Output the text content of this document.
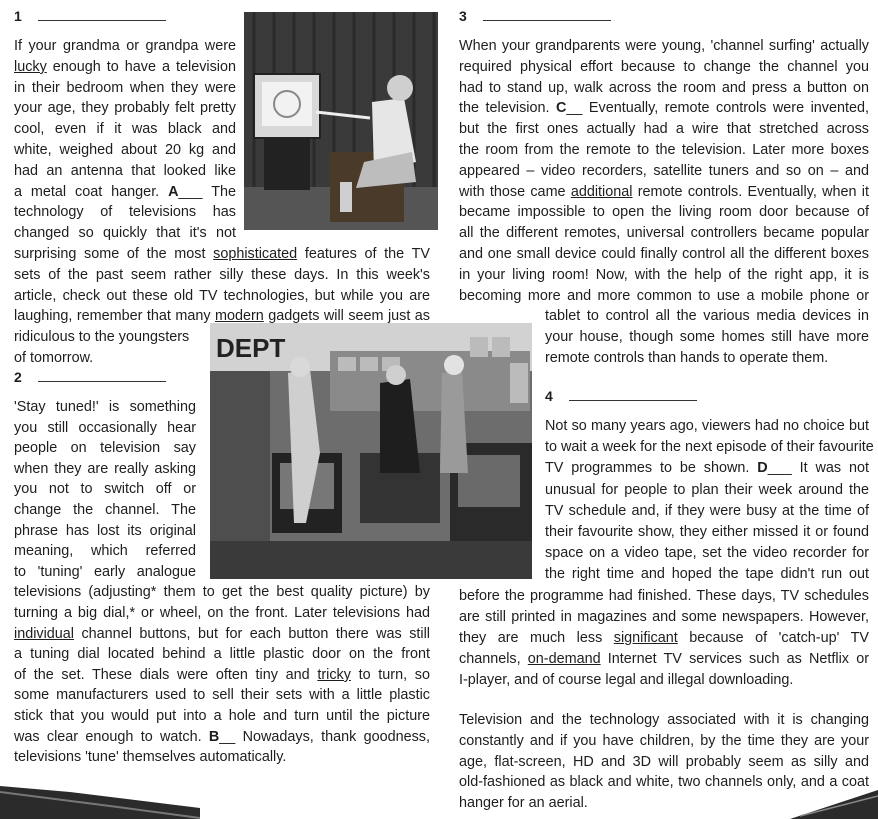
1
2
3
4
DEPT
If your grandma or grandpa were
lucky enough to have a television
in their bedroom when they were
your age, they probably felt pretty
cool, even if it was black and
white, weighed about 20 kg and
had an antenna that looked like
a metal coat hanger. A___ The
technology of televisions has
changed so quickly that it's not
surprising some of the most sophisticated features of the TV
sets of the past seem rather silly these days. In this week's
article, check out these old TV technologies, but while you are
laughing, remember that many modern gadgets will seem just as
ridiculous to the youngsters
of tomorrow.
'Stay tuned!' is something
you still occasionally hear
people on television say
when they are really asking
you not to switch off or
change the channel. The
phrase has lost its original
meaning, which referred
to 'tuning' early analogue
televisions (adjusting* them to get the best quality picture) by
turning a big dial,* or wheel, on the front. Later televisions had
individual channel buttons, but for each button there was still
a tuning dial located behind a little plastic door on the front
of the set. These dials were often tiny and tricky to turn, so
some manufacturers used to sell their sets with a little plastic
stick that you would put into a hole and turn until the picture
was clear enough to watch. B__ Nowadays, thank goodness,
televisions 'tune' themselves automatically.
When your grandparents were young, 'channel surfing' actually
required physical effort because to change the channel you
had to stand up, walk across the room and press a button on
the television. C__ Eventually, remote controls were invented,
but the first ones actually had a wire that stretched across
the room from the remote to the television. Later more boxes
appeared – video recorders, satellite tuners and so on – and
with those came additional remote controls. Eventually, when it
became impossible to open the living room door because of
all the different remotes, universal controllers became popular
and one small device could finally control all the different boxes
in your living room! Now, with the help of the right app, it is
becoming more and more common to use a mobile phone or
tablet to control all the various media devices in
your house, though some homes still have more
remote controls than hands to operate them.
Not so many years ago, viewers had no choice but
to wait a week for the next episode of their favourite
TV programmes to be shown. D___ It was not
unusual for people to plan their week around the
TV schedule and, if they were busy at the time of
their favourite show, they either missed it or found
space on a video tape, set the video recorder for
the right time and hoped the tape didn't run out
before the programme had finished. These days, TV schedules
are still printed in magazines and some newspapers. However,
they are much less significant because of 'catch-up' TV
channels, on-demand Internet TV services such as Netflix or
I-player, and of course legal and illegal downloading.
Television and the technology associated with it is changing
constantly and if you have children, by the time they are your
age, flat-screen, HD and 3D will probably seem as silly and
old-fashioned as black and white, two channels only, and a coat
hanger for an aerial.
